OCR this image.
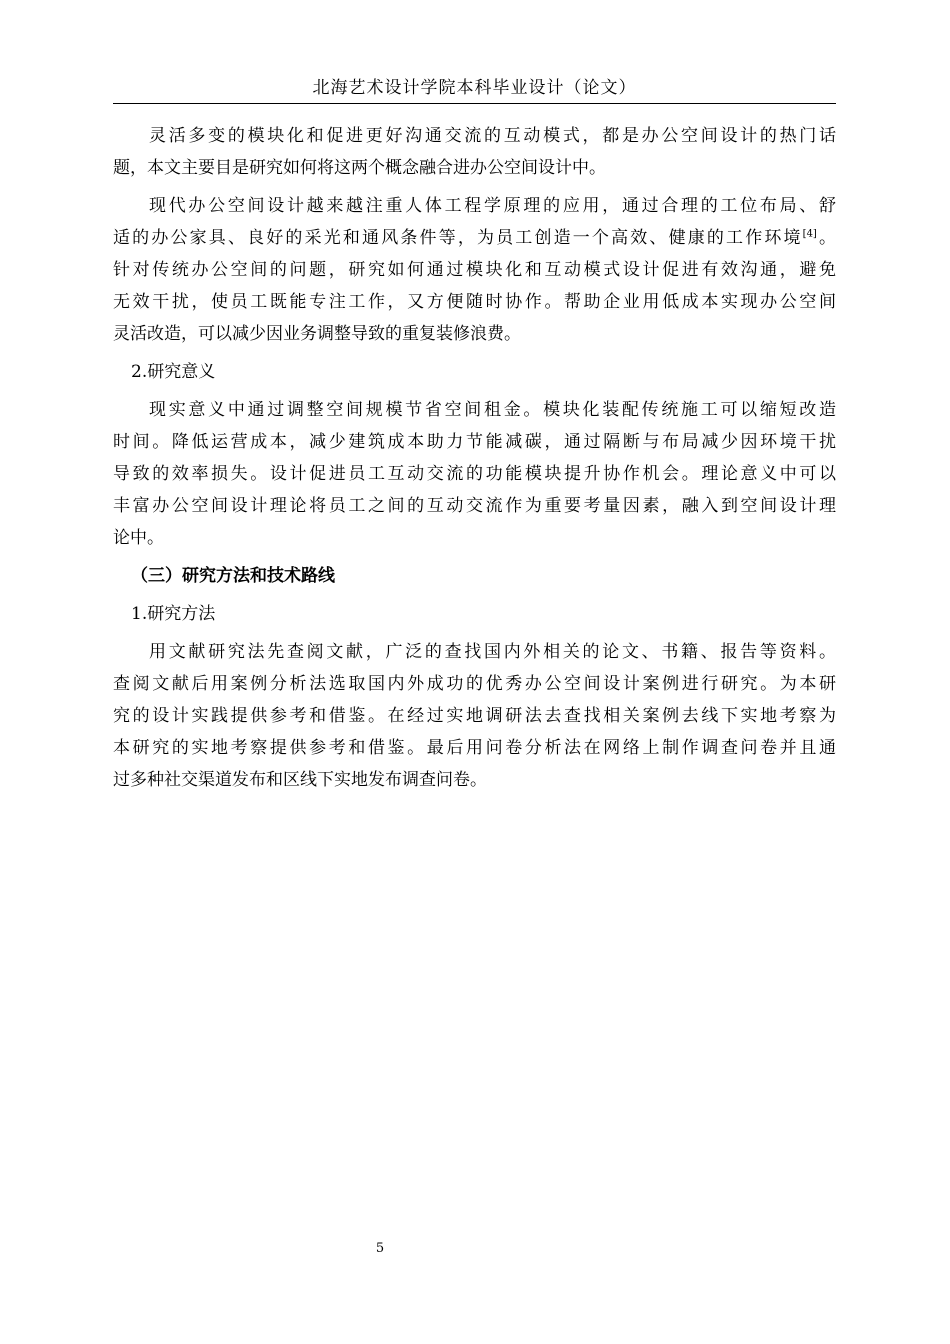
北海艺术设计学院本科毕业设计（论文）
灵活多变的模块化和促进更好沟通交流的互动模式，都是办公空间设计的热门话
题，本文主要目是研究如何将这两个概念融合进办公空间设计中。
现代办公空间设计越来越注重人体工程学原理的应用，通过合理的工位布局、舒
适的办公家具、良好的采光和通风条件等，为员工创造一个高效、健康的工作环境[4]。
针对传统办公空间的问题，研究如何通过模块化和互动模式设计促进有效沟通，避免
无效干扰，使员工既能专注工作，又方便随时协作。帮助企业用低成本实现办公空间
灵活改造，可以减少因业务调整导致的重复装修浪费。
2.研究意义
现实意义中通过调整空间规模节省空间租金。模块化装配传统施工可以缩短改造
时间。降低运营成本，减少建筑成本助力节能减碳，通过隔断与布局减少因环境干扰
导致的效率损失。设计促进员工互动交流的功能模块提升协作机会。理论意义中可以
丰富办公空间设计理论将员工之间的互动交流作为重要考量因素，融入到空间设计理
论中。
（三）研究方法和技术路线
1.研究方法
用文献研究法先查阅文献，广泛的查找国内外相关的论文、书籍、报告等资料。
查阅文献后用案例分析法选取国内外成功的优秀办公空间设计案例进行研究。为本研
究的设计实践提供参考和借鉴。在经过实地调研法去查找相关案例去线下实地考察为
本研究的实地考察提供参考和借鉴。最后用问卷分析法在网络上制作调查问卷并且通
过多种社交渠道发布和区线下实地发布调查问卷。
5
